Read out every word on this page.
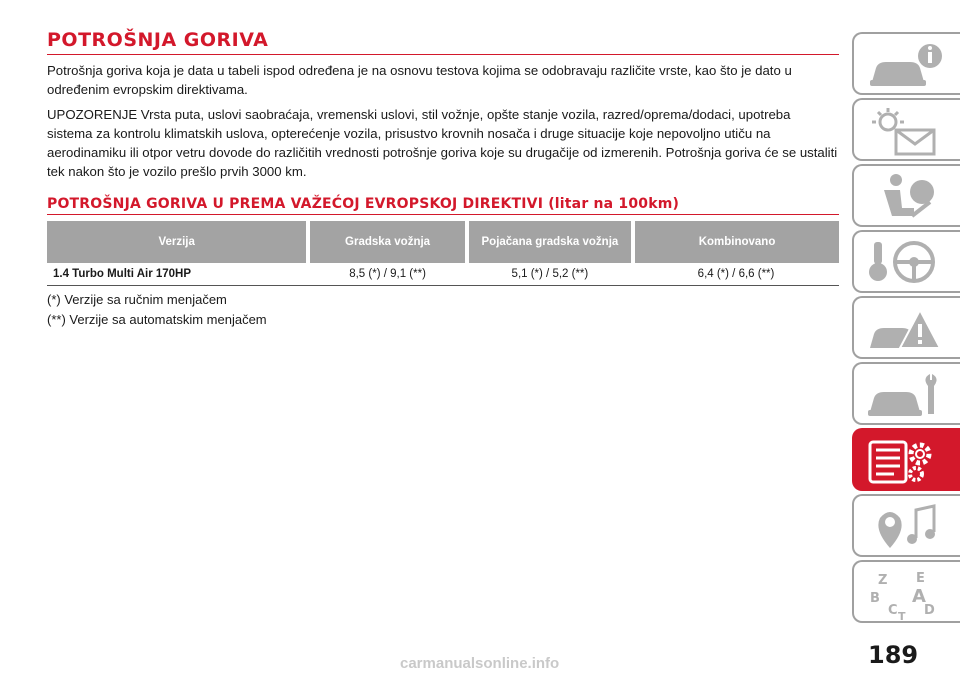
POTROŠNJA GORIVA

Potrošnja goriva koja je data u tabeli ispod određena je na osnovu testova kojima se odobravaju različite vrste, kao što je dato u određenim evropskim direktivama.

UPOZORENJE Vrsta puta, uslovi saobraćaja, vremenski uslovi, stil vožnje, opšte stanje vozila, razred/oprema/dodaci, upotreba sistema za kontrolu klimatskih uslova, opterećenje vozila, prisustvo krovnih nosača i druge situacije koje nepovoljno utiču na aerodinamiku ili otpor vetru dovode do različitih vrednosti potrošnje goriva koje su drugačije od izmerenih. Potrošnja goriva će se ustaliti tek nakon što je vozilo prešlo prvih 3000 km.

POTROŠNJA GORIVA U PREMA VAŽEĆOJ EVROPSKOJ DIREKTIVI (litar na 100km)
Verzija	Gradska vožnja	Pojačana gradska vožnja	Kombinovano
1.4 Turbo Multi Air 170HP	8,5 (*) / 9,1 (**)	5,1 (*) / 5,2 (**)	6,4 (*) / 6,6 (**)
(*) Verzije sa ručnim menjačem
(**) Verzije sa automatskim menjačem
Z E
B A
C D
T
189
carmanualsonline.info
